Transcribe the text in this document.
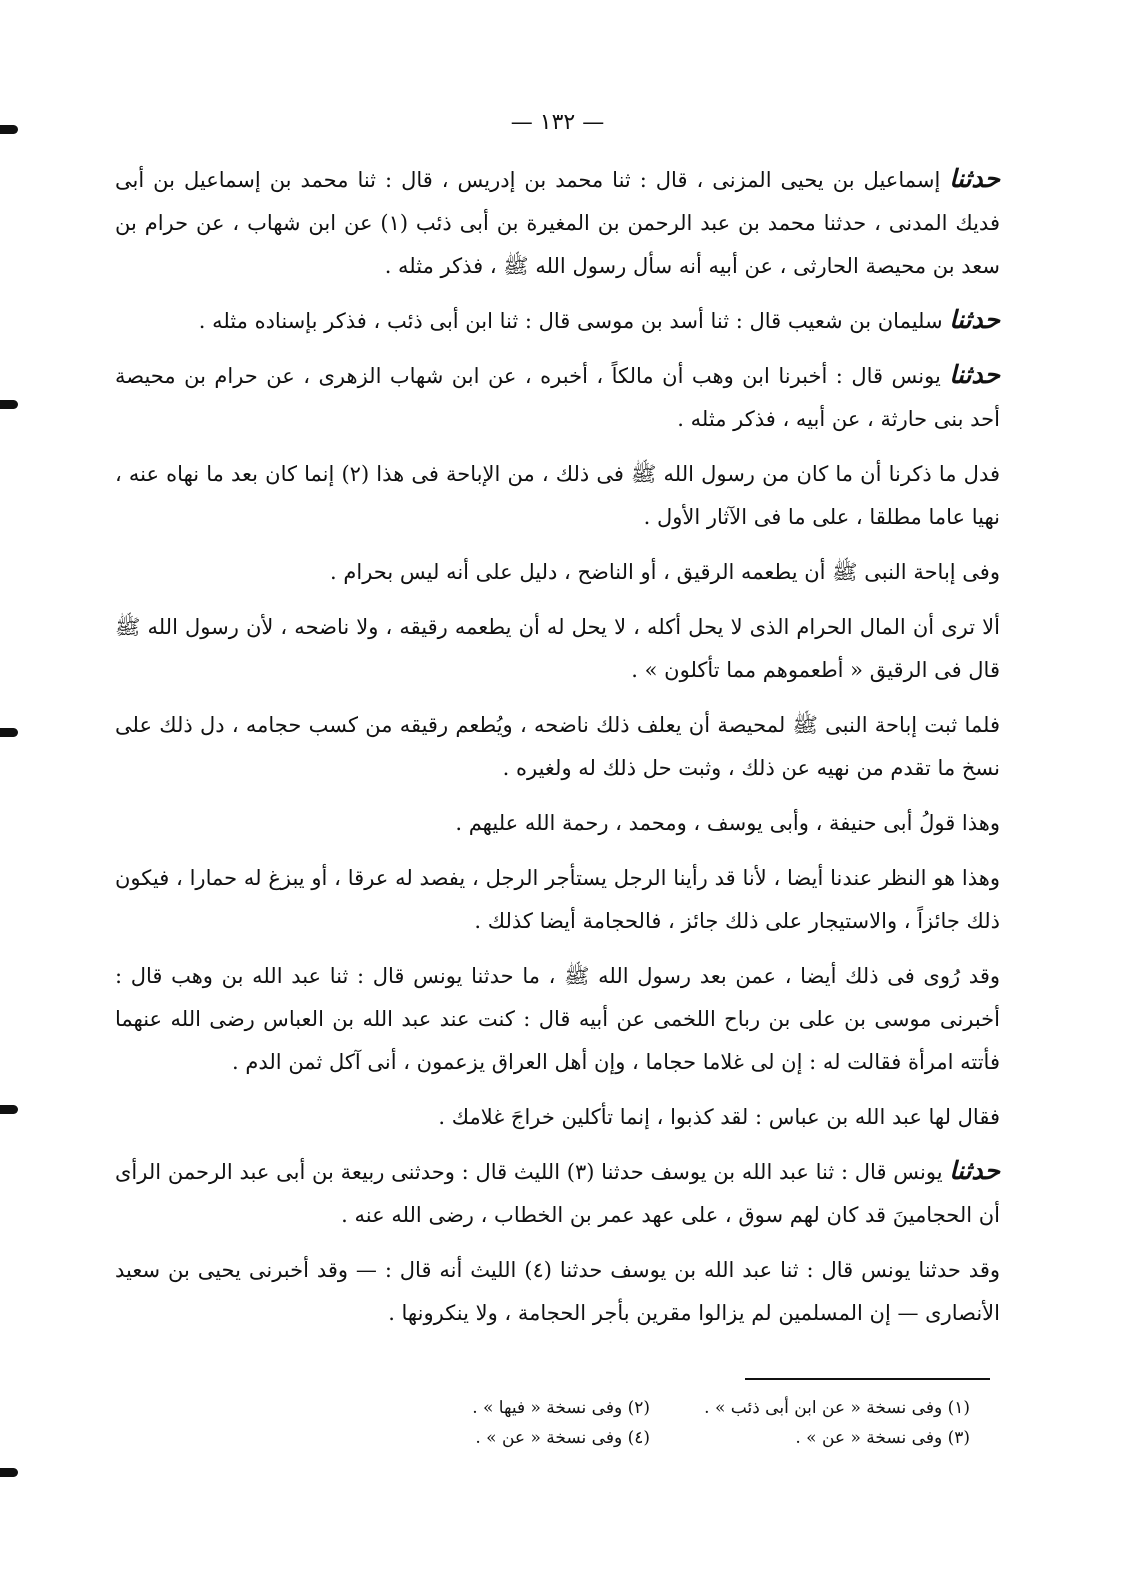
— ١٣٢ —

حدثنا إسماعيل بن يحيى المزنى ، قال : ثنا محمد بن إدريس ، قال : ثنا محمد بن إسماعيل بن أبى فديك المدنى ، حدثنا محمد بن عبد الرحمن بن المغيرة بن أبى ذئب (١) عن ابن شهاب ، عن حرام بن سعد بن محيصة الحارثى ، عن أبيه أنه سأل رسول الله ﷺ ، فذكر مثله .

حدثنا سليمان بن شعيب قال : ثنا أسد بن موسى قال : ثنا ابن أبى ذئب ، فذكر بإسناده مثله .

حدثنا يونس قال : أخبرنا ابن وهب أن مالكاً ، أخبره ، عن ابن شهاب الزهرى ، عن حرام بن محيصة أحد بنى حارثة ، عن أبيه ، فذكر مثله .

فدل ما ذكرنا أن ما كان من رسول الله ﷺ فى ذلك ، من الإباحة فى هذا (٢) إنما كان بعد ما نهاه عنه ، نهيا عاما مطلقا ، على ما فى الآثار الأول .

وفى إباحة النبى ﷺ أن يطعمه الرقيق ، أو الناضح ، دليل على أنه ليس بحرام .

ألا ترى أن المال الحرام الذى لا يحل أكله ، لا يحل له أن يطعمه رقيقه ، ولا ناضحه ، لأن رسول الله ﷺ قال فى الرقيق « أطعموهم مما تأكلون » .

فلما ثبت إباحة النبى ﷺ لمحيصة أن يعلف ذلك ناضحه ، ويُطعم رقيقه من كسب حجامه ، دل ذلك على نسخ ما تقدم من نهيه عن ذلك ، وثبت حل ذلك له ولغيره .

وهذا قولُ أبى حنيفة ، وأبى يوسف ، ومحمد ، رحمة الله عليهم .

وهذا هو النظر عندنا أيضا ، لأنا قد رأينا الرجل يستأجر الرجل ، يفصد له عرقا ، أو يبزغ له حمارا ، فيكون ذلك جائزاً ، والاستيجار على ذلك جائز ، فالحجامة أيضا كذلك .

وقد رُوى فى ذلك أيضا ، عمن بعد رسول الله ﷺ ، ما حدثنا يونس قال : ثنا عبد الله بن وهب قال : أخبرنى موسى بن على بن رباح اللخمى عن أبيه قال : كنت عند عبد الله بن العباس رضى الله عنهما فأتته امرأة فقالت له : إن لى غلاما حجاما ، وإن أهل العراق يزعمون ، أنى آكل ثمن الدم .

فقال لها عبد الله بن عباس : لقد كذبوا ، إنما تأكلين خراجَ غلامك .

حدثنا يونس قال : ثنا عبد الله بن يوسف حدثنا (٣) الليث قال : وحدثنى ربيعة بن أبى عبد الرحمن الرأى أن الحجامينَ قد كان لهم سوق ، على عهد عمر بن الخطاب ، رضى الله عنه .

وقد حدثنا يونس قال : ثنا عبد الله بن يوسف حدثنا (٤) الليث أنه قال : — وقد أخبرنى يحيى بن سعيد الأنصارى — إن المسلمين لم يزالوا مقرين بأجر الحجامة ، ولا ينكرونها .

(١) وفى نسخة « عن ابن أبى ذئب » .
(٢) وفى نسخة « فيها » .
(٣) وفى نسخة « عن » .
(٤) وفى نسخة « عن » .
